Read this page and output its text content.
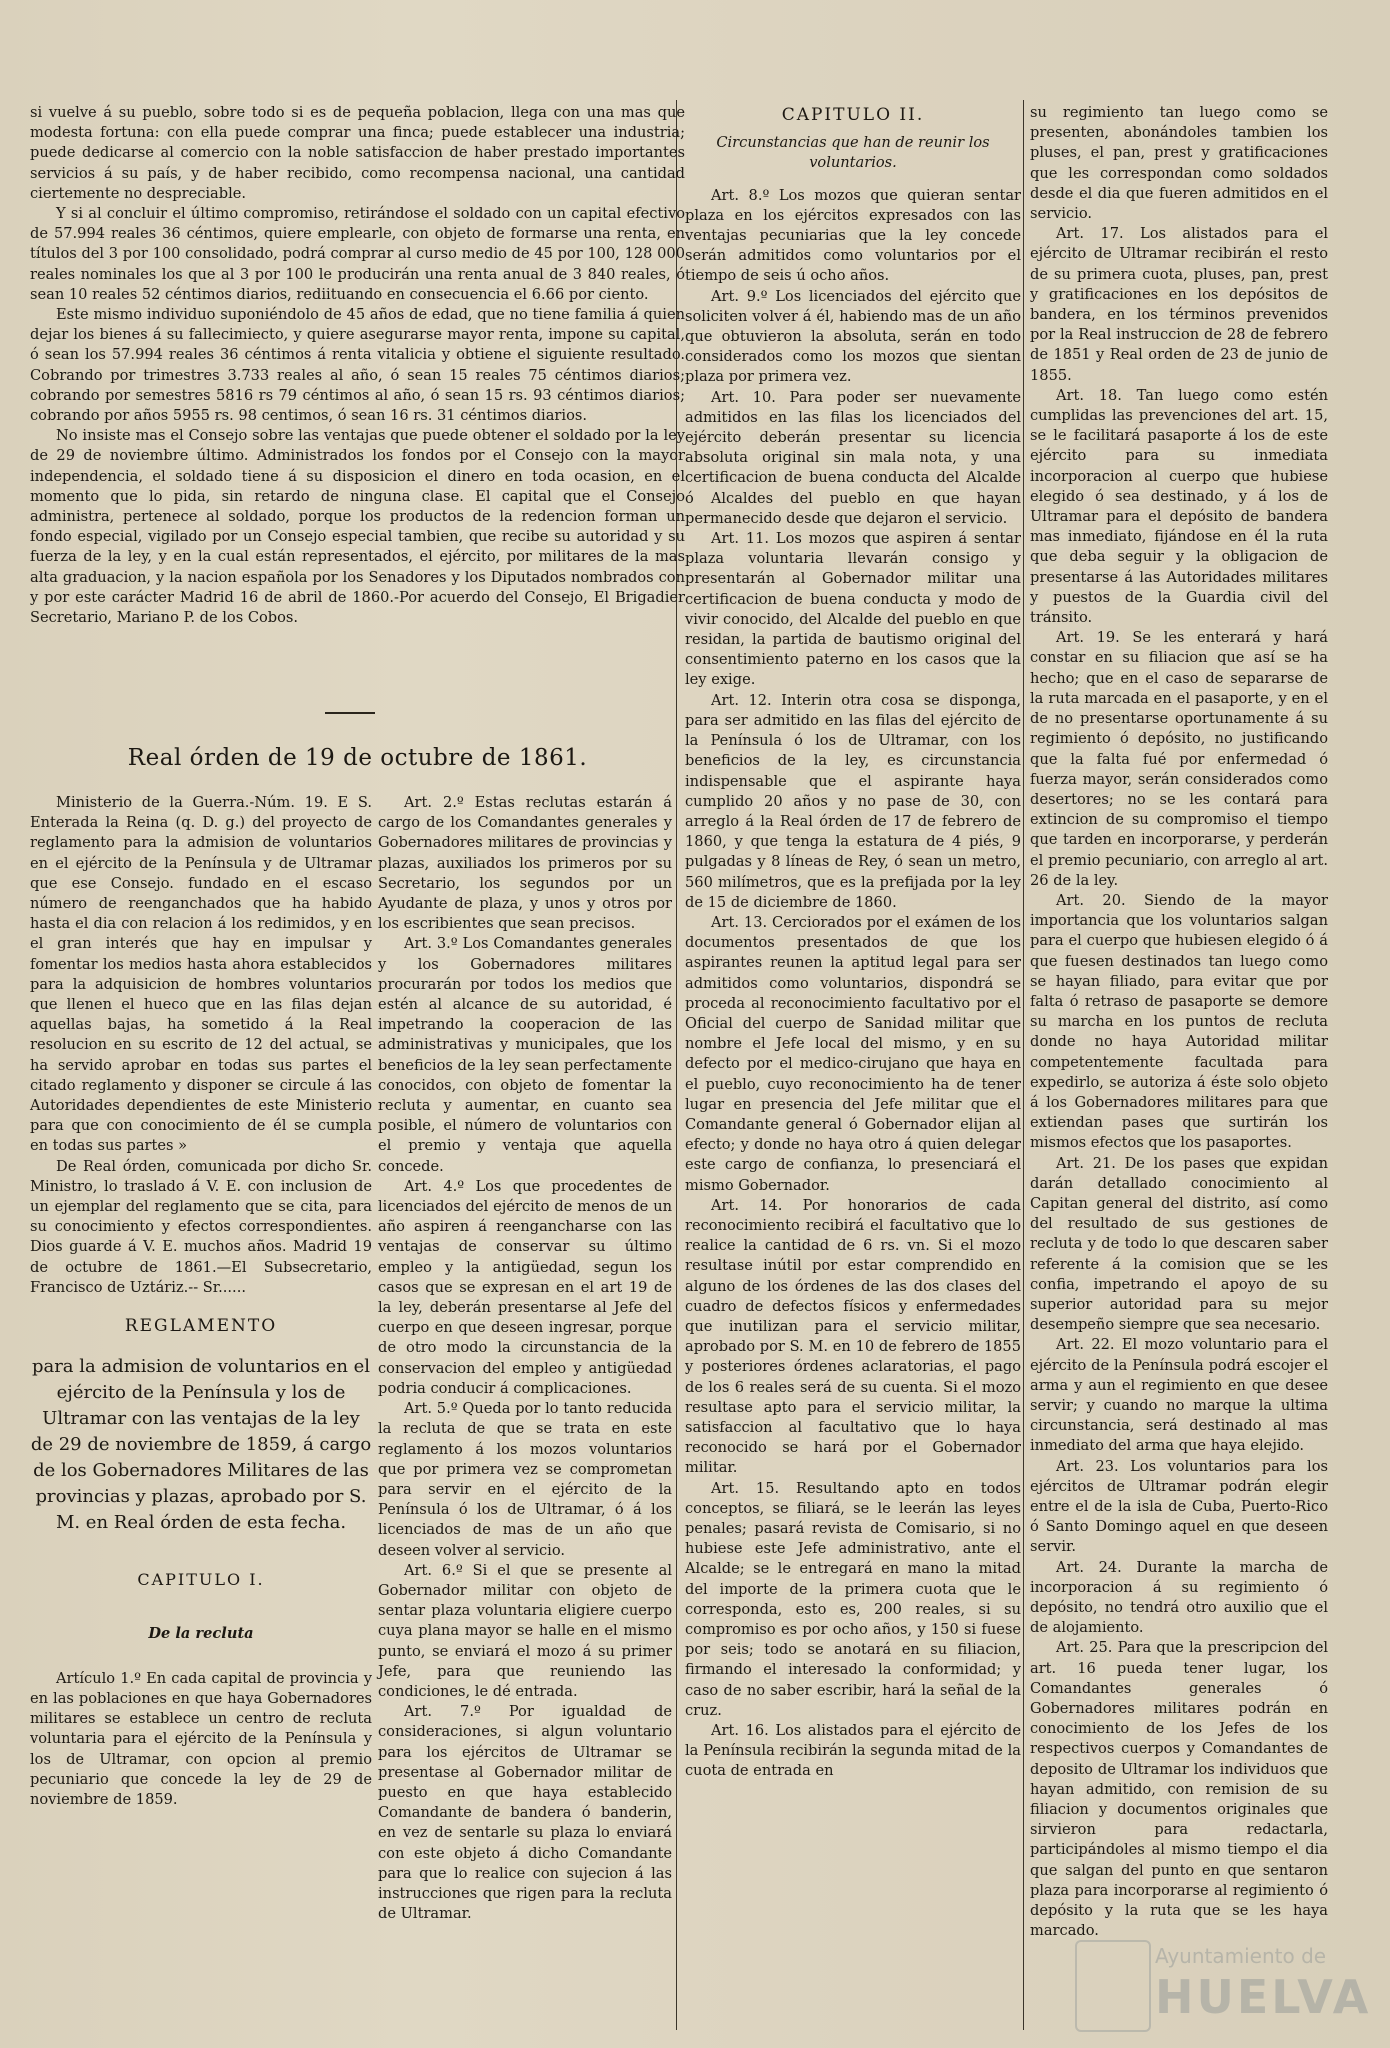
si vuelve á su pueblo, sobre todo si es de pequeña poblacion, llega con una mas que modesta fortuna: con ella puede comprar una finca; puede establecer una industria; puede dedicarse al comercio con la noble satisfaccion de haber prestado importantes servicios á su país, y de haber recibido, como recompensa nacional, una cantidad ciertemente no despreciable.

Y si al concluir el último compromiso, retirándose el soldado con un capital efectivo de 57.994 reales 36 céntimos, quiere emplearle, con objeto de formarse una renta, en títulos del 3 por 100 consolidado, podrá comprar al curso medio de 45 por 100, 128 000 reales nominales los que al 3 por 100 le producirán una renta anual de 3 840 reales, ó sean 10 reales 52 céntimos diarios, rediituando en consecuencia el 6.66 por ciento.

Este mismo individuo suponiéndolo de 45 años de edad, que no tiene familia á quien dejar los bienes á su fallecimiecto, y quiere asegurarse mayor renta, impone su capital, ó sean los 57.994 reales 36 céntimos á renta vitalicia y obtiene el siguiente resultado. Cobrando por trimestres 3.733 reales al año, ó sean 15 reales 75 céntimos diarios; cobrando por semestres 5816 rs 79 céntimos al año, ó sean 15 rs. 93 céntimos diarios; cobrando por años 5955 rs. 98 centimos, ó sean 16 rs. 31 céntimos diarios.

No insiste mas el Consejo sobre las ventajas que puede obtener el soldado por la ley de 29 de noviembre último. Administrados los fondos por el Consejo con la mayor independencia, el soldado tiene á su disposicion el dinero en toda ocasion, en el momento que lo pida, sin retardo de ninguna clase. El capital que el Consejo administra, pertenece al soldado, porque los productos de la redencion forman un fondo especial, vigilado por un Consejo especial tambien, que recibe su autoridad y su fuerza de la ley, y en la cual están representados, el ejército, por militares de la mas alta graduacion, y la nacion española por los Senadores y los Diputados nombrados con y por este carácter Madrid 16 de abril de 1860.-Por acuerdo del Consejo, El Brigadier Secretario, Mariano P. de los Cobos.

Real órden de 19 de octubre de 1861.

Ministerio de la Guerra.-Núm. 19. E S. Enterada la Reina (q. D. g.) del proyecto de reglamento para la admision de voluntarios en el ejército de la Península y de Ultramar que ese Consejo. fundado en el escaso número de reenganchados que ha habido hasta el dia con relacion á los redimidos, y en el gran interés que hay en impulsar y fomentar los medios hasta ahora establecidos para la adquisicion de hombres voluntarios que llenen el hueco que en las filas dejan aquellas bajas, ha sometido á la Real resolucion en su escrito de 12 del actual, se ha servido aprobar en todas sus partes el citado reglamento y disponer se circule á las Autoridades dependientes de este Ministerio para que con conocimiento de él se cumpla en todas sus partes »

De Real órden, comunicada por dicho Sr. Ministro, lo traslado á V. E. con inclusion de un ejemplar del reglamento que se cita, para su conocimiento y efectos correspondientes. Dios guarde á V. E. muchos años. Madrid 19 de octubre de 1861.—El Subsecretario, Francisco de Uztáriz.-- Sr......

REGLAMENTO
para la admision de voluntarios en el ejército de la Península y los de Ultramar con las ventajas de la ley de 29 de noviembre de 1859, á cargo de los Gobernadores Militares de las provincias y plazas, aprobado por S. M. en Real órden de esta fecha.
CAPITULO I.
De la recluta

Artículo 1.º En cada capital de provincia y en las poblaciones en que haya Gobernadores militares se establece un centro de recluta voluntaria para el ejército de la Península y los de Ultramar, con opcion al premio pecuniario que concede la ley de 29 de noviembre de 1859.

Art. 2.º Estas reclutas estarán á cargo de los Comandantes generales y Gobernadores militares de provincias y plazas, auxiliados los primeros por su Secretario, los segundos por un Ayudante de plaza, y unos y otros por los escribientes que sean precisos.

Art. 3.º Los Comandantes generales y los Gobernadores militares procurarán por todos los medios que estén al alcance de su autoridad, é impetrando la cooperacion de las administrativas y municipales, que los beneficios de la ley sean perfectamente conocidos, con objeto de fomentar la recluta y aumentar, en cuanto sea posible, el número de voluntarios con el premio y ventaja que aquella concede.

Art. 4.º Los que procedentes de licenciados del ejército de menos de un año aspiren á reengancharse con las ventajas de conservar su último empleo y la antigüedad, segun los casos que se expresan en el art 19 de la ley, deberán presentarse al Jefe del cuerpo en que deseen ingresar, porque de otro modo la circunstancia de la conservacion del empleo y antigüedad podria conducir á complicaciones.

Art. 5.º Queda por lo tanto reducida la recluta de que se trata en este reglamento á los mozos voluntarios que por primera vez se comprometan para servir en el ejército de la Península ó los de Ultramar, ó á los licenciados de mas de un año que deseen volver al servicio.

Art. 6.º Si el que se presente al Gobernador militar con objeto de sentar plaza voluntaria eligiere cuerpo cuya plana mayor se halle en el mismo punto, se enviará el mozo á su primer Jefe, para que reuniendo las condiciones, le dé entrada.

Art. 7.º Por igualdad de consideraciones, si algun voluntario para los ejércitos de Ultramar se presentase al Gobernador militar de puesto en que haya establecido Comandante de bandera ó banderin, en vez de sentarle su plaza lo enviará con este objeto á dicho Comandante para que lo realice con sujecion á las instrucciones que rigen para la recluta de Ultramar.

CAPITULO II.
Circunstancias que han de reunir los voluntarios.

Art. 8.º Los mozos que quieran sentar plaza en los ejércitos expresados con las ventajas pecuniarias que la ley concede serán admitidos como voluntarios por el tiempo de seis ú ocho años.

Art. 9.º Los licenciados del ejército que soliciten volver á él, habiendo mas de un año que obtuvieron la absoluta, serán en todo considerados como los mozos que sientan plaza por primera vez.

Art. 10. Para poder ser nuevamente admitidos en las filas los licenciados del ejército deberán presentar su licencia absoluta original sin mala nota, y una certificacion de buena conducta del Alcalde ó Alcaldes del pueblo en que hayan permanecido desde que dejaron el servicio.

Art. 11. Los mozos que aspiren á sentar plaza voluntaria llevarán consigo y presentarán al Gobernador militar una certificacion de buena conducta y modo de vivir conocido, del Alcalde del pueblo en que residan, la partida de bautismo original del consentimiento paterno en los casos que la ley exige.

Art. 12. Interin otra cosa se disponga, para ser admitido en las filas del ejército de la Península ó los de Ultramar, con los beneficios de la ley, es circunstancia indispensable que el aspirante haya cumplido 20 años y no pase de 30, con arreglo á la Real órden de 17 de febrero de 1860, y que tenga la estatura de 4 piés, 9 pulgadas y 8 líneas de Rey, ó sean un metro, 560 milímetros, que es la prefijada por la ley de 15 de diciembre de 1860.

Art. 13. Cerciorados por el exámen de los documentos presentados de que los aspirantes reunen la aptitud legal para ser admitidos como voluntarios, dispondrá se proceda al reconocimiento facultativo por el Oficial del cuerpo de Sanidad militar que nombre el Jefe local del mismo, y en su defecto por el medico-cirujano que haya en el pueblo, cuyo reconocimiento ha de tener lugar en presencia del Jefe militar que el Comandante general ó Gobernador elijan al efecto; y donde no haya otro á quien delegar este cargo de confianza, lo presenciará el mismo Gobernador.

Art. 14. Por honorarios de cada reconocimiento recibirá el facultativo que lo realice la cantidad de 6 rs. vn. Si el mozo resultase inútil por estar comprendido en alguno de los órdenes de las dos clases del cuadro de defectos físicos y enfermedades que inutilizan para el servicio militar, aprobado por S. M. en 10 de febrero de 1855 y posteriores órdenes aclaratorias, el pago de los 6 reales será de su cuenta. Si el mozo resultase apto para el servicio militar, la satisfaccion al facultativo que lo haya reconocido se hará por el Gobernador militar.

Art. 15. Resultando apto en todos conceptos, se filiará, se le leerán las leyes penales; pasará revista de Comisario, si no hubiese este Jefe administrativo, ante el Alcalde; se le entregará en mano la mitad del importe de la primera cuota que le corresponda, esto es, 200 reales, si su compromiso es por ocho años, y 150 si fuese por seis; todo se anotará en su filiacion, firmando el interesado la conformidad; y caso de no saber escribir, hará la señal de la cruz.

Art. 16. Los alistados para el ejército de la Península recibirán la segunda mitad de la cuota de entrada en

su regimiento tan luego como se presenten, abonándoles tambien los pluses, el pan, prest y gratificaciones que les correspondan como soldados desde el dia que fueren admitidos en el servicio.

Art. 17. Los alistados para el ejército de Ultramar recibirán el resto de su primera cuota, pluses, pan, prest y gratificaciones en los depósitos de bandera, en los términos prevenidos por la Real instruccion de 28 de febrero de 1851 y Real orden de 23 de junio de 1855.

Art. 18. Tan luego como estén cumplidas las prevenciones del art. 15, se le facilitará pasaporte á los de este ejército para su inmediata incorporacion al cuerpo que hubiese elegido ó sea destinado, y á los de Ultramar para el depósito de bandera mas inmediato, fijándose en él la ruta que deba seguir y la obligacion de presentarse á las Autoridades militares y puestos de la Guardia civil del tránsito.

Art. 19. Se les enterará y hará constar en su filiacion que así se ha hecho; que en el caso de separarse de la ruta marcada en el pasaporte, y en el de no presentarse oportunamente á su regimiento ó depósito, no justificando que la falta fué por enfermedad ó fuerza mayor, serán considerados como desertores; no se les contará para extincion de su compromiso el tiempo que tarden en incorporarse, y perderán el premio pecuniario, con arreglo al art. 26 de la ley.

Art. 20. Siendo de la mayor importancia que los voluntarios salgan para el cuerpo que hubiesen elegido ó á que fuesen destinados tan luego como se hayan filiado, para evitar que por falta ó retraso de pasaporte se demore su marcha en los puntos de recluta donde no haya Autoridad militar competentemente facultada para expedirlo, se autoriza á éste solo objeto á los Gobernadores militares para que extiendan pases que surtirán los mismos efectos que los pasaportes.

Art. 21. De los pases que expidan darán detallado conocimiento al Capitan general del distrito, así como del resultado de sus gestiones de recluta y de todo lo que descaren saber referente á la comision que se les confia, impetrando el apoyo de su superior autoridad para su mejor desempeño siempre que sea necesario.

Art. 22. El mozo voluntario para el ejército de la Península podrá escojer el arma y aun el regimiento en que desee servir; y cuando no marque la ultima circunstancia, será destinado al mas inmediato del arma que haya elejido.

Art. 23. Los voluntarios para los ejércitos de Ultramar podrán elegir entre el de la isla de Cuba, Puerto-Rico ó Santo Domingo aquel en que deseen servir.

Art. 24. Durante la marcha de incorporacion á su regimiento ó depósito, no tendrá otro auxilio que el de alojamiento.

Art. 25. Para que la prescripcion del art. 16 pueda tener lugar, los Comandantes generales ó Gobernadores militares podrán en conocimiento de los Jefes de los respectivos cuerpos y Comandantes de deposito de Ultramar los individuos que hayan admitido, con remision de su filiacion y documentos originales que sirvieron para redactarla, participándoles al mismo tiempo el dia que salgan del punto en que sentaron plaza para incorporarse al regimiento ó depósito y la ruta que se les haya marcado.

Ayuntamiento de
HUELVA
